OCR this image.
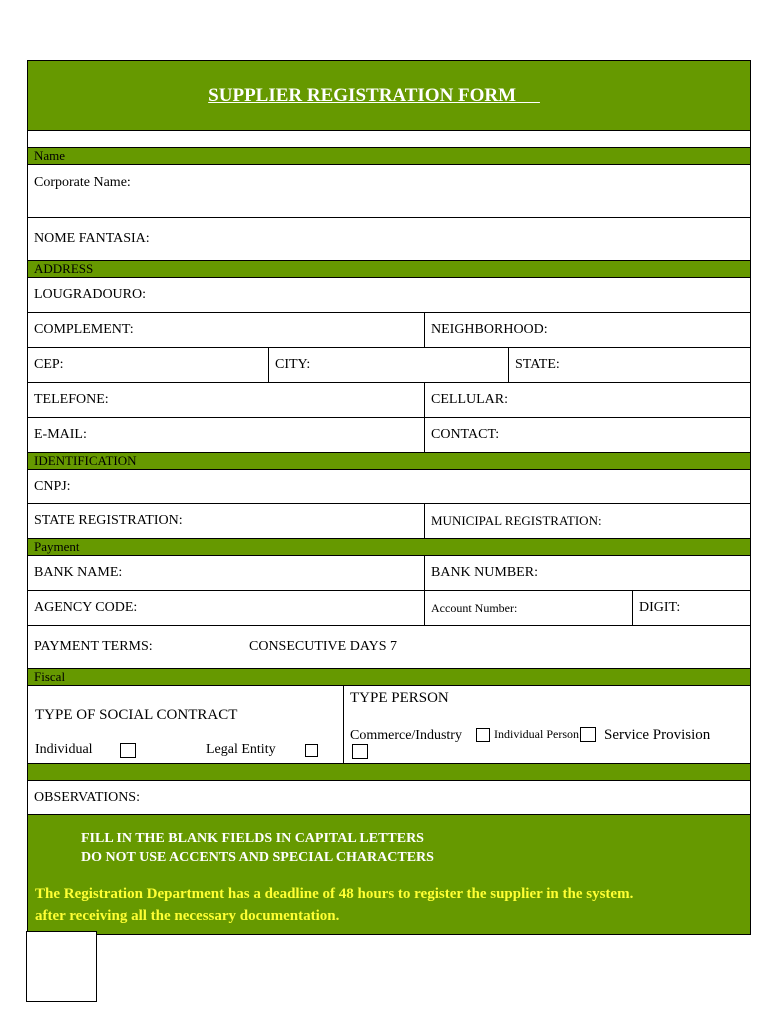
SUPPLIER REGISTRATION FORM
Name
Corporate Name:
NOME FANTASIA:
ADDRESS
LOUGRADOURO:
COMPLEMENT:	NEIGHBORHOOD:
CEP:	CITY:	STATE:
TELEFONE:	CELLULAR:
E-MAIL:	CONTACT:
IDENTIFICATION
CNPJ:
STATE REGISTRATION:	MUNICIPAL REGISTRATION:
Payment
BANK NAME:	BANK NUMBER:
AGENCY CODE:	Account Number:	DIGIT:
PAYMENT TERMS:	CONSECUTIVE DAYS 7
Fiscal
TYPE OF SOCIAL CONTRACT
Individual	Legal Entity
TYPE PERSON
Commerce/Industry	Individual Person Service Provision
OBSERVATIONS:
FILL IN THE BLANK FIELDS IN CAPITAL LETTERS
DO NOT USE ACCENTS AND SPECIAL CHARACTERS
The Registration Department has a deadline of 48 hours to register the supplier in the system.
after receiving all the necessary documentation.
